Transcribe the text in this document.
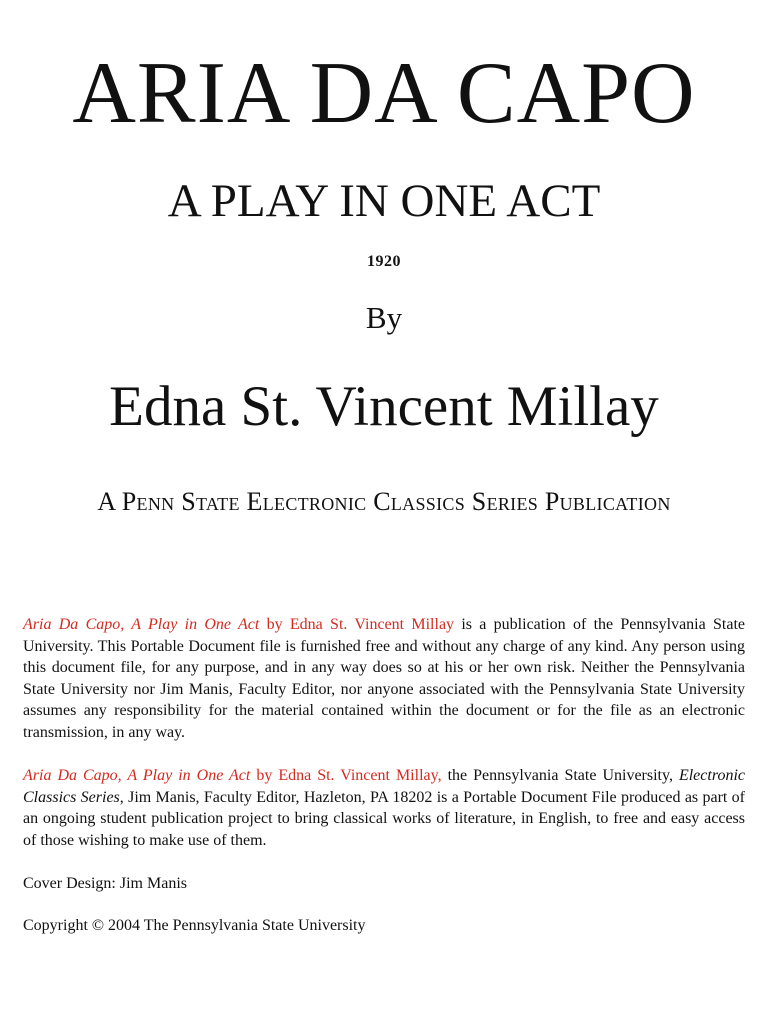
ARIA DA CAPO
A PLAY IN ONE ACT
1920
By
Edna St. Vincent Millay
A Penn State Electronic Classics Series Publication

Aria Da Capo, A Play in One Act by Edna St. Vincent Millay is a publication of the Pennsylvania State University. This Portable Document file is furnished free and without any charge of any kind. Any person using this document file, for any purpose, and in any way does so at his or her own risk. Neither the Pennsylvania State University nor Jim Manis, Faculty Editor, nor anyone associated with the Pennsylvania State University assumes any responsibility for the material contained within the document or for the file as an electronic transmission, in any way.

Aria Da Capo, A Play in One Act by Edna St. Vincent Millay, the Pennsylvania State University, Electronic Classics Series, Jim Manis, Faculty Editor, Hazleton, PA 18202 is a Portable Document File produced as part of an ongoing student publication project to bring classical works of literature, in English, to free and easy access of those wishing to make use of them.

Cover Design: Jim Manis

Copyright © 2004 The Pennsylvania State University
